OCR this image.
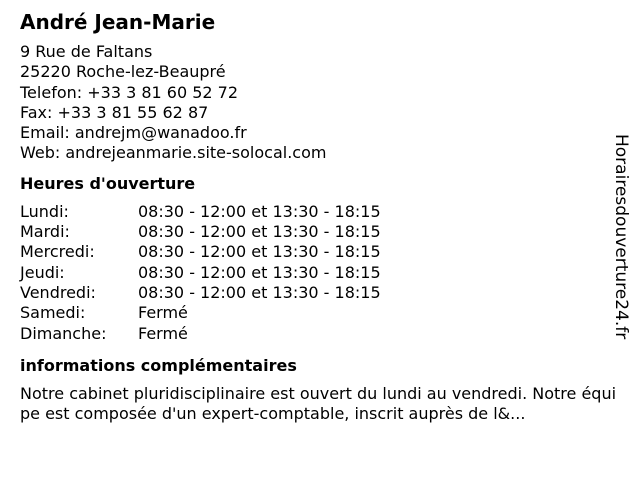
André Jean-Marie
9 Rue de Faltans
25220 Roche-lez-Beaupré
Telefon: +33 3 81 60 52 72
Fax: +33 3 81 55 62 87
Email: andrejm@wanadoo.fr
Web: andrejeanmarie.site-solocal.com
Heures d'ouverture
Lundi:	08:30 - 12:00 et 13:30 - 18:15
Mardi:	08:30 - 12:00 et 13:30 - 18:15
Mercredi:	08:30 - 12:00 et 13:30 - 18:15
Jeudi:	08:30 - 12:00 et 13:30 - 18:15
Vendredi:	08:30 - 12:00 et 13:30 - 18:15
Samedi:	Fermé
Dimanche:	Fermé
informations complémentaires
Notre cabinet pluridisciplinaire est ouvert du lundi au vendredi. Notre équipe est composée d'un expert-comptable, inscrit auprès de l&...
Horairesdouverture24.fr
